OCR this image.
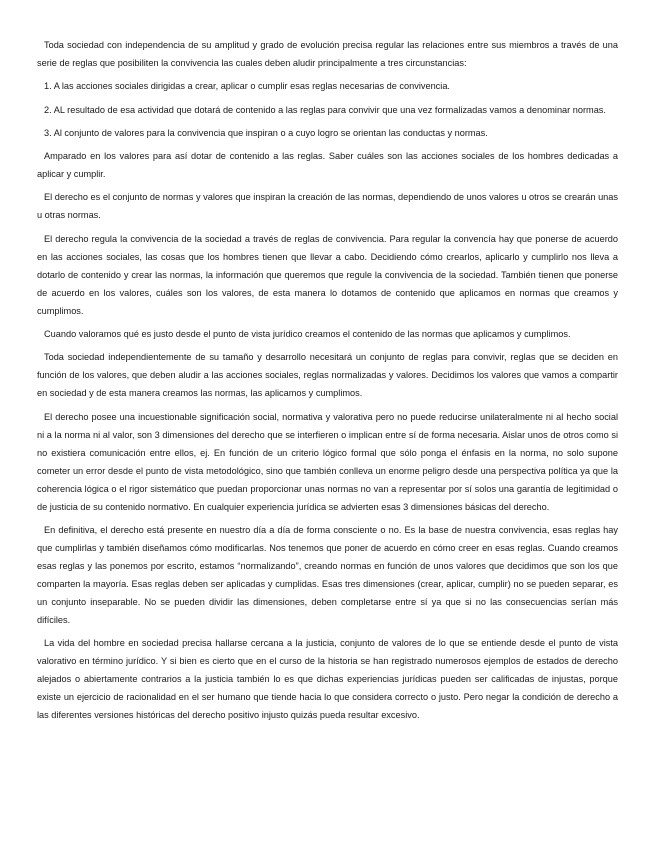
Toda sociedad con independencia de su amplitud y grado de evolución precisa regular las relaciones entre sus miembros a través de una serie de reglas que posibiliten la convivencia las cuales deben aludir principalmente a tres circunstancias:

1. A las acciones sociales dirigidas a crear, aplicar o cumplir esas reglas necesarias de convivencia.

2. AL resultado de esa actividad que dotará de contenido a las reglas para convivir que una vez formalizadas vamos a denominar normas.

3. Al conjunto de valores para la convivencia que inspiran o a cuyo logro se orientan las conductas y normas.

Amparado en los valores para así dotar de contenido a las reglas. Saber cuáles son las acciones sociales de los hombres dedicadas a aplicar y cumplir.

El derecho es el conjunto de normas y valores que inspiran la creación de las normas, dependiendo de unos valores u otros se crearán unas u otras normas.

El derecho regula la convivencia de la sociedad a través de reglas de convivencia. Para regular la convencía hay que ponerse de acuerdo en las acciones sociales, las cosas que los hombres tienen que llevar a cabo. Decidiendo cómo crearlos, aplicarlo y cumplirlo nos lleva a dotarlo de contenido y crear las normas, la información que queremos que regule la convivencia de la sociedad. También tienen que ponerse de acuerdo en los valores, cuáles son los valores, de esta manera lo dotamos de contenido que aplicamos en normas que creamos y cumplimos.

Cuando valoramos qué es justo desde el punto de vista jurídico creamos el contenido de las normas que aplicamos y cumplimos.

Toda sociedad independientemente de su tamaño y desarrollo necesitará un conjunto de reglas para convivir, reglas que se deciden en función de los valores, que deben aludir a las acciones sociales, reglas normalizadas y valores. Decidimos los valores que vamos a compartir en sociedad y de esta manera creamos las normas, las aplicamos y cumplimos.

El derecho posee una incuestionable significación social, normativa y valorativa pero no puede reducirse unilateralmente ni al hecho social ni a la norma ni al valor, son 3 dimensiones del derecho que se interfieren o implican entre sí de forma necesaria. Aislar unos de otros como si no existiera comunicación entre ellos, ej. En función de un criterio lógico formal que sólo ponga el énfasis en la norma, no solo supone cometer un error desde el punto de vista metodológico, sino que también conlleva un enorme peligro desde una perspectiva política ya que la coherencia lógica o el rigor sistemático que puedan proporcionar unas normas no van a representar por sí solos una garantía de legitimidad o de justicia de su contenido normativo. En cualquier experiencia jurídica se advierten esas 3 dimensiones básicas del derecho.

En definitiva, el derecho está presente en nuestro día a día de forma consciente o no. Es la base de nuestra convivencia, esas reglas hay que cumplirlas y también diseñamos cómo modificarlas. Nos tenemos que poner de acuerdo en cómo creer en esas reglas. Cuando creamos esas reglas y las ponemos por escrito, estamos “normalizando”, creando normas en función de unos valores que decidimos que son los que comparten la mayoría. Esas reglas deben ser aplicadas y cumplidas. Esas tres dimensiones (crear, aplicar, cumplir) no se pueden separar, es un conjunto inseparable. No se pueden dividir las dimensiones, deben completarse entre sí ya que si no las consecuencias serían más difíciles.

La vida del hombre en sociedad precisa hallarse cercana a la justicia, conjunto de valores de lo que se entiende desde el punto de vista valorativo en término jurídico. Y si bien es cierto que en el curso de la historia se han registrado numerosos ejemplos de estados de derecho alejados o abiertamente contrarios a la justicia también lo es que dichas experiencias jurídicas pueden ser calificadas de injustas, porque existe un ejercicio de racionalidad en el ser humano que tiende hacia lo que considera correcto o justo. Pero negar la condición de derecho a las diferentes versiones históricas del derecho positivo injusto quizás pueda resultar excesivo.
